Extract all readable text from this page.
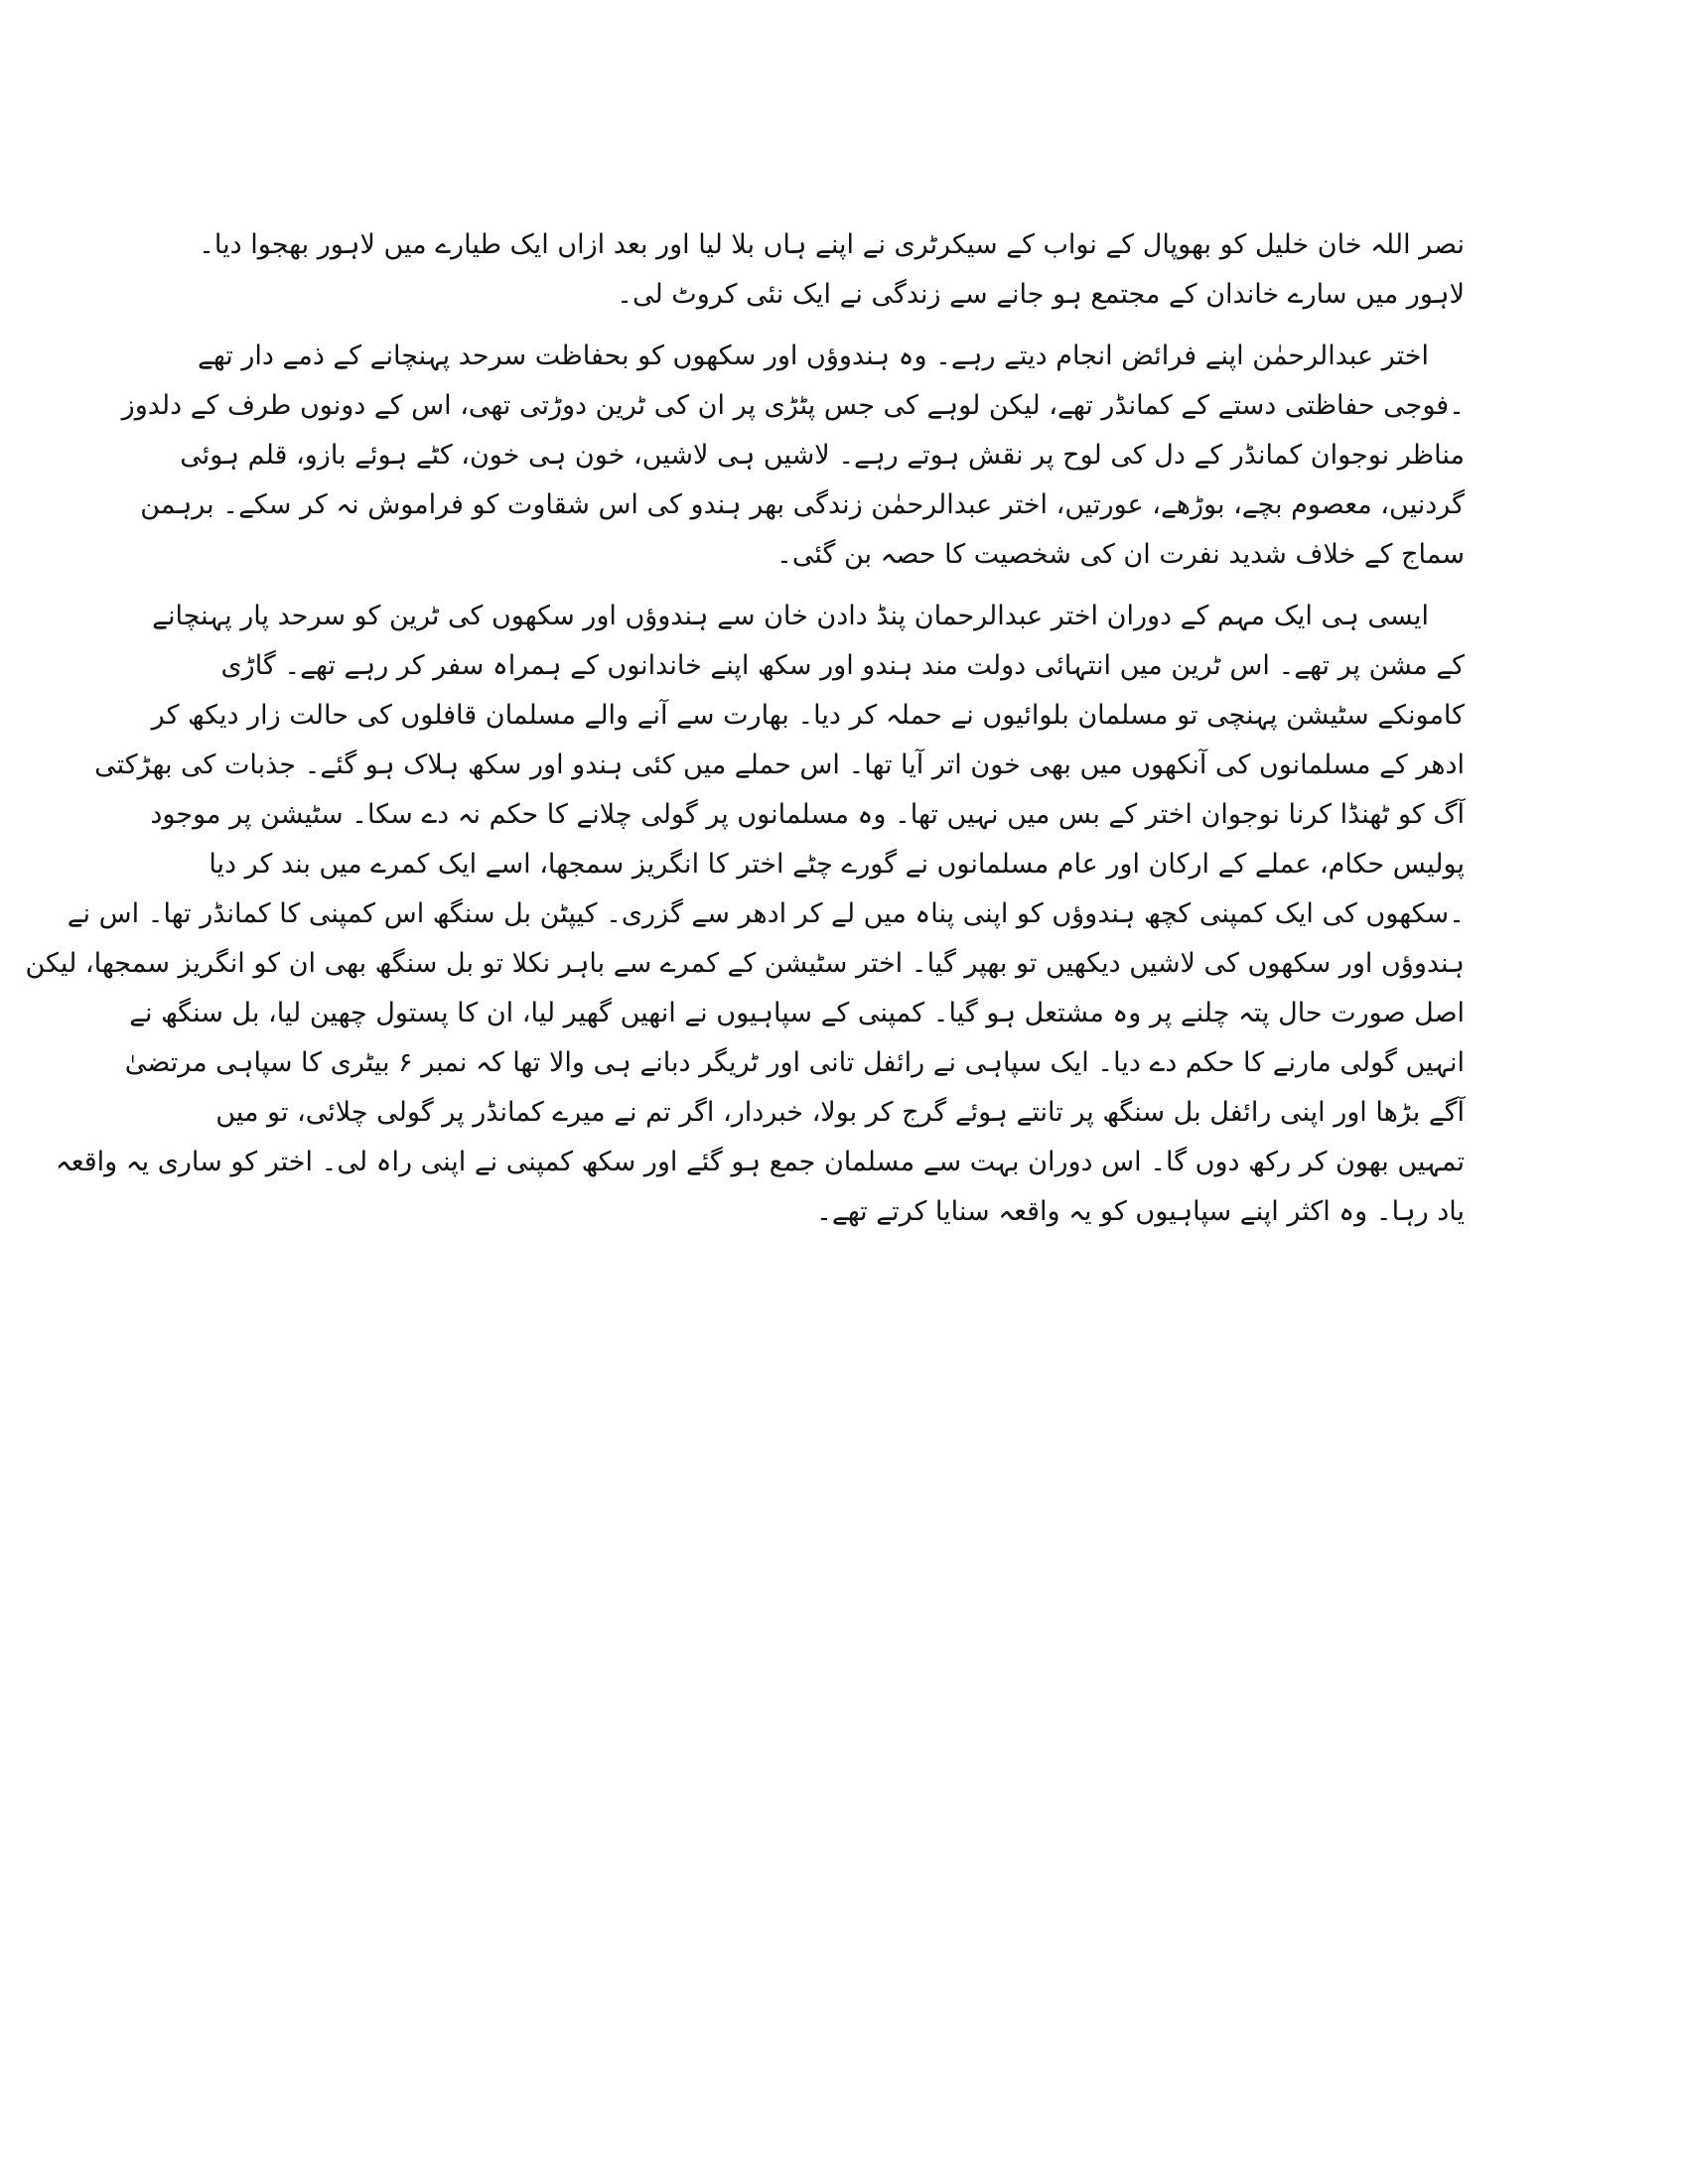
نصر اللہ خان خلیل کو بھوپال کے نواب کے سیکرٹری نے اپنے ہاں بلا لیا اور بعد ازاں ایک طیارے میں لاہور بھجوا دیا۔
لاہور میں سارے خاندان کے مجتمع ہو جانے سے زندگی نے ایک نئی کروٹ لی۔
اختر عبدالرحمٰن اپنے فرائض انجام دیتے رہے۔ وہ ہندوؤں اور سکھوں کو بحفاظت سرحد پہنچانے کے ذمے دار تھے
۔فوجی حفاظتی دستے کے کمانڈر تھے، لیکن لوہے کی جس پٹڑی پر ان کی ٹرین دوڑتی تھی، اس کے دونوں طرف کے دلدوز
مناظر نوجوان کمانڈر کے دل کی لوح پر نقش ہوتے رہے۔ لاشیں ہی لاشیں، خون ہی خون، کٹے ہوئے بازو، قلم ہوئی
گردنیں، معصوم بچے، بوڑھے، عورتیں، اختر عبدالرحمٰن زندگی بھر ہندو کی اس شقاوت کو فراموش نہ کر سکے۔ برہمن
سماج کے خلاف شدید نفرت ان کی شخصیت کا حصہ بن گئی۔
ایسی ہی ایک مہم کے دوران اختر عبدالرحمان پنڈ دادن خان سے ہندوؤں اور سکھوں کی ٹرین کو سرحد پار پہنچانے
کے مشن پر تھے۔ اس ٹرین میں انتہائی دولت مند ہندو اور سکھ اپنے خاندانوں کے ہمراہ سفر کر رہے تھے۔ گاڑی
کامونکے سٹیشن پہنچی تو مسلمان بلوائیوں نے حملہ کر دیا۔ بھارت سے آنے والے مسلمان قافلوں کی حالت زار دیکھ کر
ادھر کے مسلمانوں کی آنکھوں میں بھی خون اتر آیا تھا۔ اس حملے میں کئی ہندو اور سکھ ہلاک ہو گئے۔ جذبات کی بھڑکتی
آگ کو ٹھنڈا کرنا نوجوان اختر کے بس میں نہیں تھا۔ وہ مسلمانوں پر گولی چلانے کا حکم نہ دے سکا۔ سٹیشن پر موجود
پولیس حکام، عملے کے ارکان اور عام مسلمانوں نے گورے چٹے اختر کا انگریز سمجھا، اسے ایک کمرے میں بند کر دیا
۔سکھوں کی ایک کمپنی کچھ ہندوؤں کو اپنی پناہ میں لے کر ادھر سے گزری۔ کیپٹن بل سنگھ اس کمپنی کا کمانڈر تھا۔ اس نے
ہندوؤں اور سکھوں کی لاشیں دیکھیں تو بھپر گیا۔ اختر سٹیشن کے کمرے سے باہر نکلا تو بل سنگھ بھی ان کو انگریز سمجھا، لیکن
اصل صورت حال پتہ چلنے پر وہ مشتعل ہو گیا۔ کمپنی کے سپاہیوں نے انھیں گھیر لیا، ان کا پستول چھین لیا، بل سنگھ نے
انہیں گولی مارنے کا حکم دے دیا۔ ایک سپاہی نے رائفل تانی اور ٹریگر دبانے ہی والا تھا کہ نمبر ۶ بیٹری کا سپاہی مرتضیٰ
آگے بڑھا اور اپنی رائفل بل سنگھ پر تانتے ہوئے گرج کر بولا، خبردار، اگر تم نے میرے کمانڈر پر گولی چلائی، تو میں
تمہیں بھون کر رکھ دوں گا۔ اس دوران بہت سے مسلمان جمع ہو گئے اور سکھ کمپنی نے اپنی راہ لی۔ اختر کو ساری یہ واقعہ
یاد رہا۔ وہ اکثر اپنے سپاہیوں کو یہ واقعہ سنایا کرتے تھے۔
